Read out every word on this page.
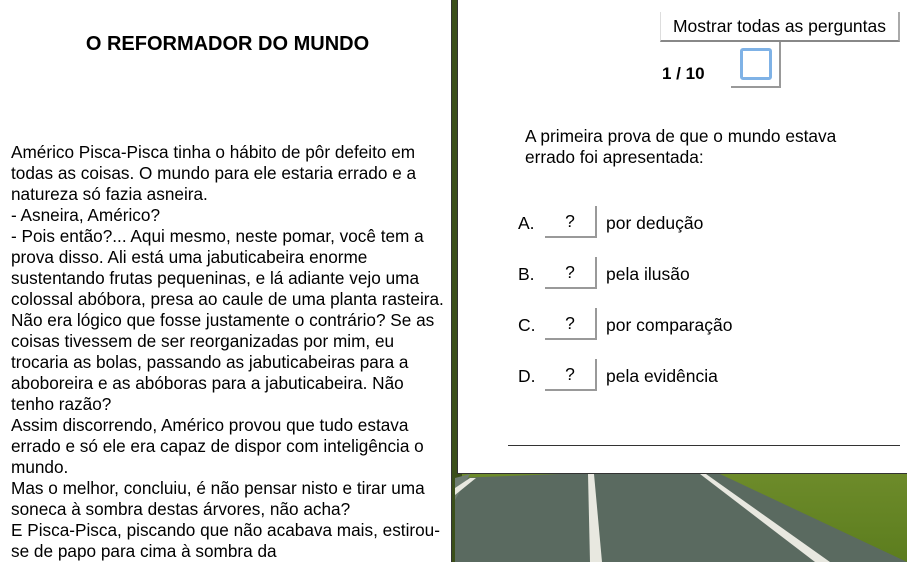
O REFORMADOR DO MUNDO
Américo Pisca-Pisca tinha o hábito de pôr defeito em todas as coisas. O mundo para ele estaria errado e a natureza só fazia asneira.
- Asneira, Américo?
- Pois então?... Aqui mesmo, neste pomar, você tem a prova disso. Ali está uma jabuticabeira enorme sustentando frutas pequeninas, e lá adiante vejo uma colossal abóbora, presa ao caule de uma planta rasteira. Não era lógico que fosse justamente o contrário? Se as coisas tivessem de ser reorganizadas por mim, eu trocaria as bolas, passando as jabuticabeiras para a aboboreira e as abóboras para a jabuticabeira. Não tenho razão?
Assim discorrendo, Américo provou que tudo estava errado e só ele era capaz de dispor com inteligência o mundo.
Mas o melhor, concluiu, é não pensar nisto e tirar uma soneca à sombra destas árvores, não acha?
E Pisca-Pisca, piscando que não acabava mais, estirou-se de papo para cima à sombra da
Mostrar todas as perguntas
1 / 10
A primeira prova de que o mundo estava errado foi apresentada:
A.	?	por dedução
B.	?	pela ilusão
C.	?	por comparação
D.	?	pela evidência
